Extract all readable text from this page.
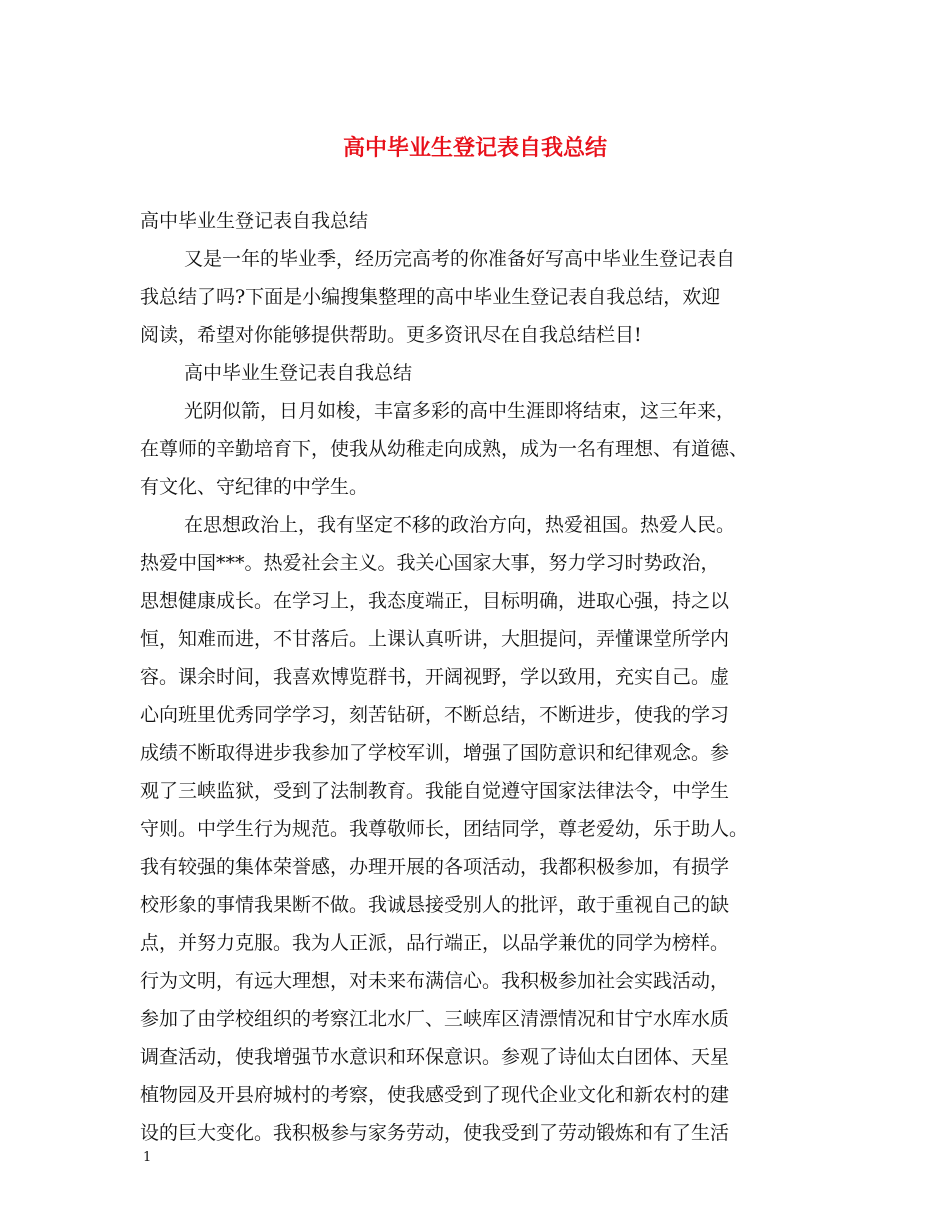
高中毕业生登记表自我总结
高中毕业生登记表自我总结
又是一年的毕业季，经历完高考的你准备好写高中毕业生登记表自
我总结了吗?下面是小编搜集整理的高中毕业生登记表自我总结，欢迎
阅读，希望对你能够提供帮助。更多资讯尽在自我总结栏目!
高中毕业生登记表自我总结
光阴似箭，日月如梭，丰富多彩的高中生涯即将结束，这三年来，
在尊师的辛勤培育下，使我从幼稚走向成熟，成为一名有理想、有道德、
有文化、守纪律的中学生。
在思想政治上，我有坚定不移的政治方向，热爱祖国。热爱人民。
热爱中国***。热爱社会主义。我关心国家大事，努力学习时势政治，
思想健康成长。在学习上，我态度端正，目标明确，进取心强，持之以
恒，知难而进，不甘落后。上课认真听讲，大胆提问，弄懂课堂所学内
容。课余时间，我喜欢博览群书，开阔视野，学以致用，充实自己。虚
心向班里优秀同学学习，刻苦钻研，不断总结，不断进步，使我的学习
成绩不断取得进步我参加了学校军训，增强了国防意识和纪律观念。参
观了三峡监狱，受到了法制教育。我能自觉遵守国家法律法令，中学生
守则。中学生行为规范。我尊敬师长，团结同学，尊老爱幼，乐于助人。
我有较强的集体荣誉感，办理开展的各项活动，我都积极参加，有损学
校形象的事情我果断不做。我诚恳接受别人的批评，敢于重视自己的缺
点，并努力克服。我为人正派，品行端正，以品学兼优的同学为榜样。
行为文明，有远大理想，对未来布满信心。我积极参加社会实践活动，
参加了由学校组织的考察江北水厂、三峡库区清漂情况和甘宁水库水质
调查活动，使我增强节水意识和环保意识。参观了诗仙太白团体、天星
植物园及开县府城村的考察，使我感受到了现代企业文化和新农村的建
设的巨大变化。我积极参与家务劳动，使我受到了劳动锻炼和有了生活
1
